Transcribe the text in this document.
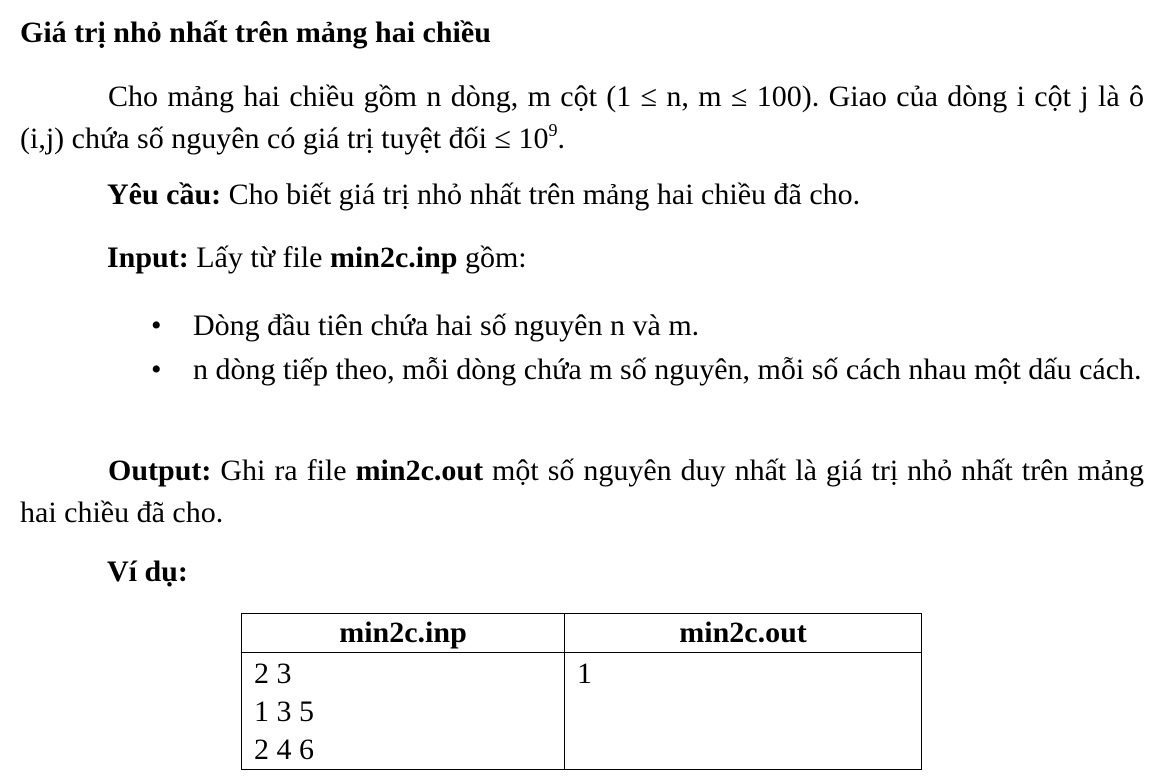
Giá trị nhỏ nhất trên mảng hai chiều
Cho mảng hai chiều gồm n dòng, m cột (1 ≤ n, m ≤ 100). Giao của dòng i cột j là ô (i,j) chứa số nguyên có giá trị tuyệt đối ≤ $10^9$.
Yêu cầu: Cho biết giá trị nhỏ nhất trên mảng hai chiều đã cho.
Input: Lấy từ file min2c.inp gồm:
• Dòng đầu tiên chứa hai số nguyên n và m.
• n dòng tiếp theo, mỗi dòng chứa m số nguyên, mỗi số cách nhau một dấu cách.
Output: Ghi ra file min2c.out một số nguyên duy nhất là giá trị nhỏ nhất trên mảng hai chiều đã cho.
Ví dụ:
min2c.inp	min2c.out

2 3
1 3 5
2 4 6	1
